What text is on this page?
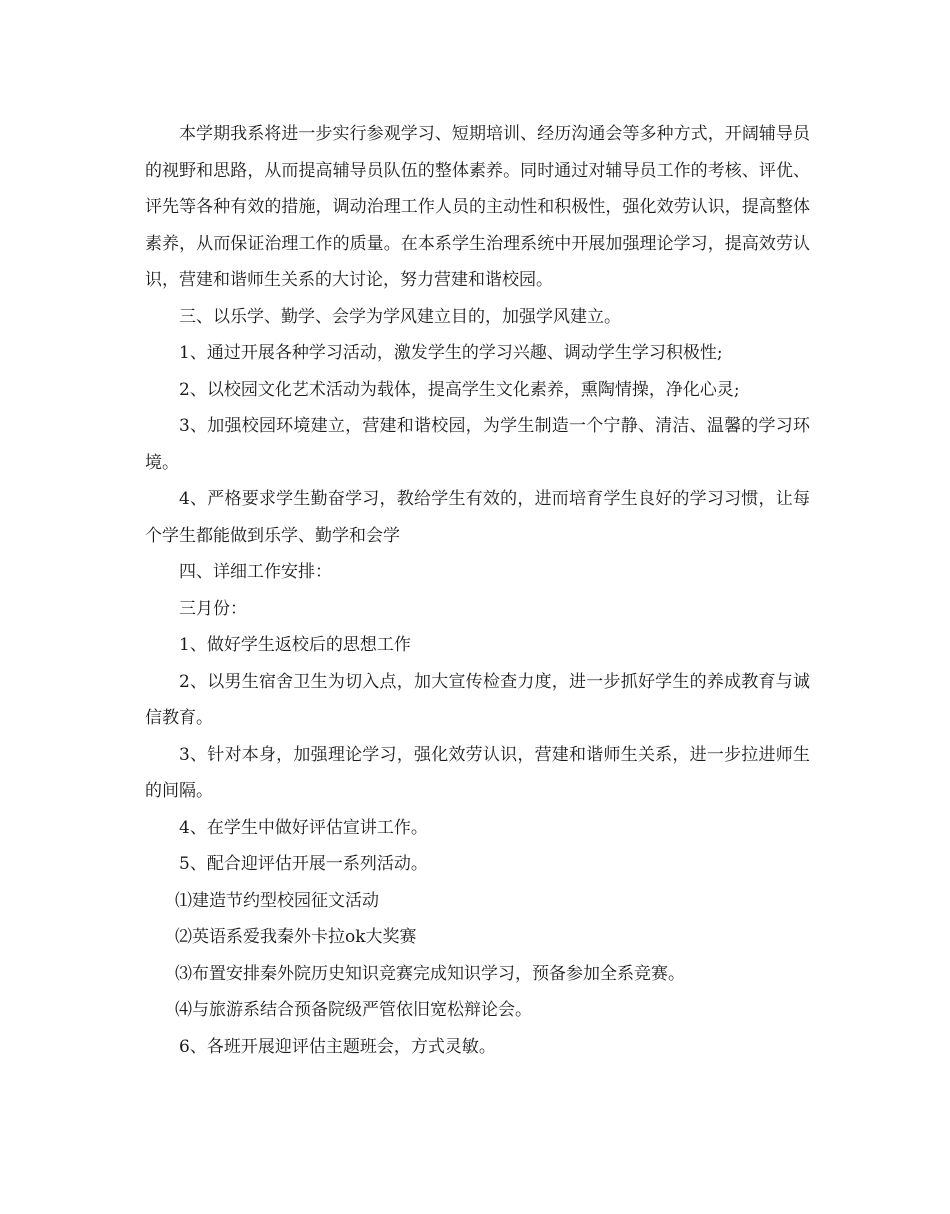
本学期我系将进一步实行参观学习、短期培训、经历沟通会等多种方式，开阔辅导员的视野和思路，从而提高辅导员队伍的整体素养。同时通过对辅导员工作的考核、评优、评先等各种有效的措施，调动治理工作人员的主动性和积极性，强化效劳认识，提高整体素养，从而保证治理工作的质量。在本系学生治理系统中开展加强理论学习，提高效劳认识，营建和谐师生关系的大讨论，努力营建和谐校园。

三、以乐学、勤学、会学为学风建立目的，加强学风建立。

1、通过开展各种学习活动，激发学生的学习兴趣、调动学生学习积极性;

2、以校园文化艺术活动为载体，提高学生文化素养，熏陶情操，净化心灵;

3、加强校园环境建立，营建和谐校园，为学生制造一个宁静、清洁、温馨的学习环境。

4、严格要求学生勤奋学习，教给学生有效的，进而培育学生良好的学习习惯，让每个学生都能做到乐学、勤学和会学

四、详细工作安排：

三月份：

1、做好学生返校后的思想工作

2、以男生宿舍卫生为切入点，加大宣传检查力度，进一步抓好学生的养成教育与诚信教育。

3、针对本身，加强理论学习，强化效劳认识，营建和谐师生关系，进一步拉进师生的间隔。

4、在学生中做好评估宣讲工作。

5、配合迎评估开展一系列活动。

⑴建造节约型校园征文活动

⑵英语系爱我秦外卡拉ok大奖赛

⑶布置安排秦外院历史知识竞赛完成知识学习，预备参加全系竞赛。

⑷与旅游系结合预备院级严管依旧宽松辩论会。

6、各班开展迎评估主题班会，方式灵敏。
